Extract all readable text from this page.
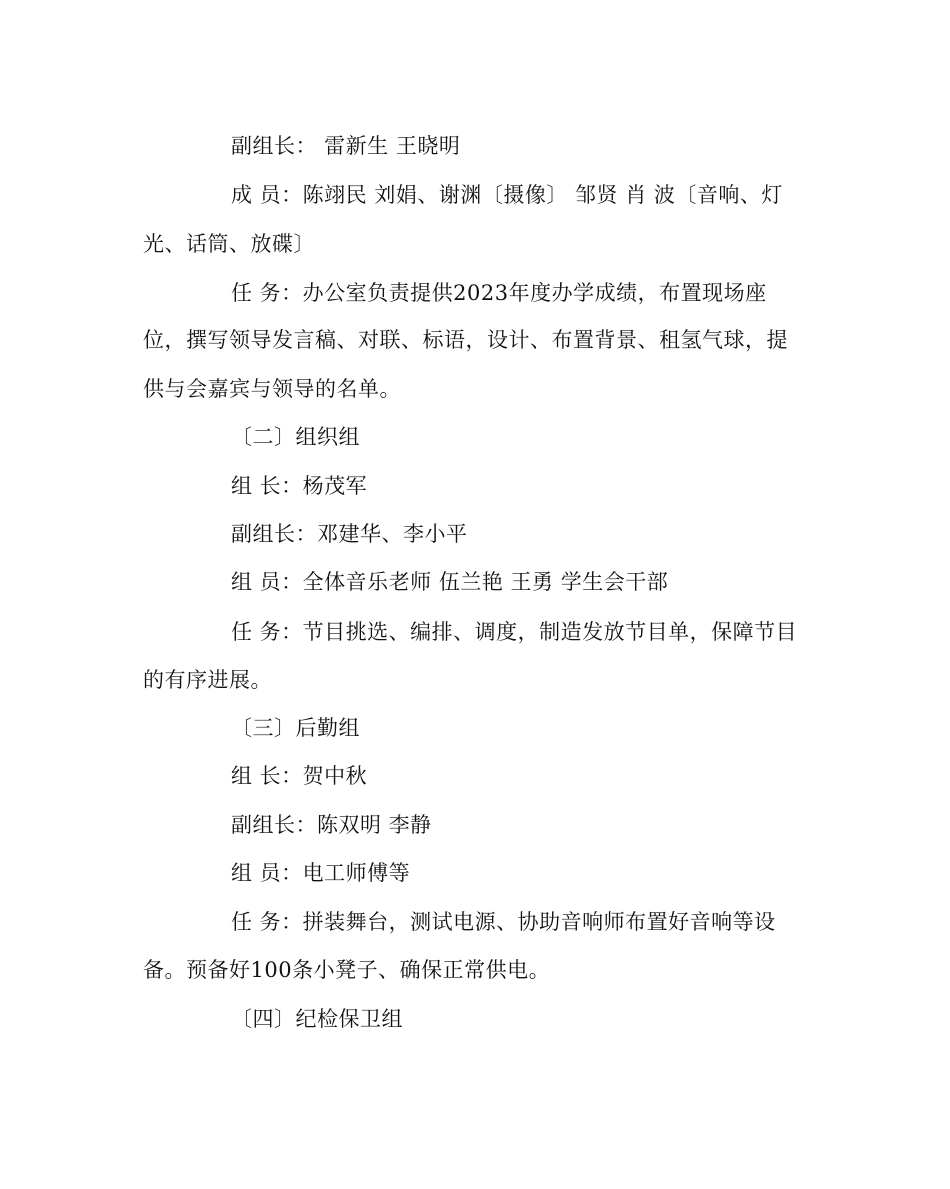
副组长： 雷新生 王晓明
成 员：陈翊民 刘娟、谢渊〔摄像〕 邹贤 肖 波〔音响、灯
光、话筒、放碟〕
任 务：办公室负责提供2023年度办学成绩，布置现场座
位，撰写领导发言稿、对联、标语，设计、布置背景、租氢气球，提
供与会嘉宾与领导的名单。
〔二〕组织组
组 长：杨茂军
副组长：邓建华、李小平
组 员：全体音乐老师 伍兰艳 王勇 学生会干部
任 务：节目挑选、编排、调度，制造发放节目单，保障节目
的有序进展。
〔三〕后勤组
组 长：贺中秋
副组长：陈双明 李静
组 员：电工师傅等
任 务：拼装舞台，测试电源、协助音响师布置好音响等设
备。预备好100条小凳子、确保正常供电。
〔四〕纪检保卫组
